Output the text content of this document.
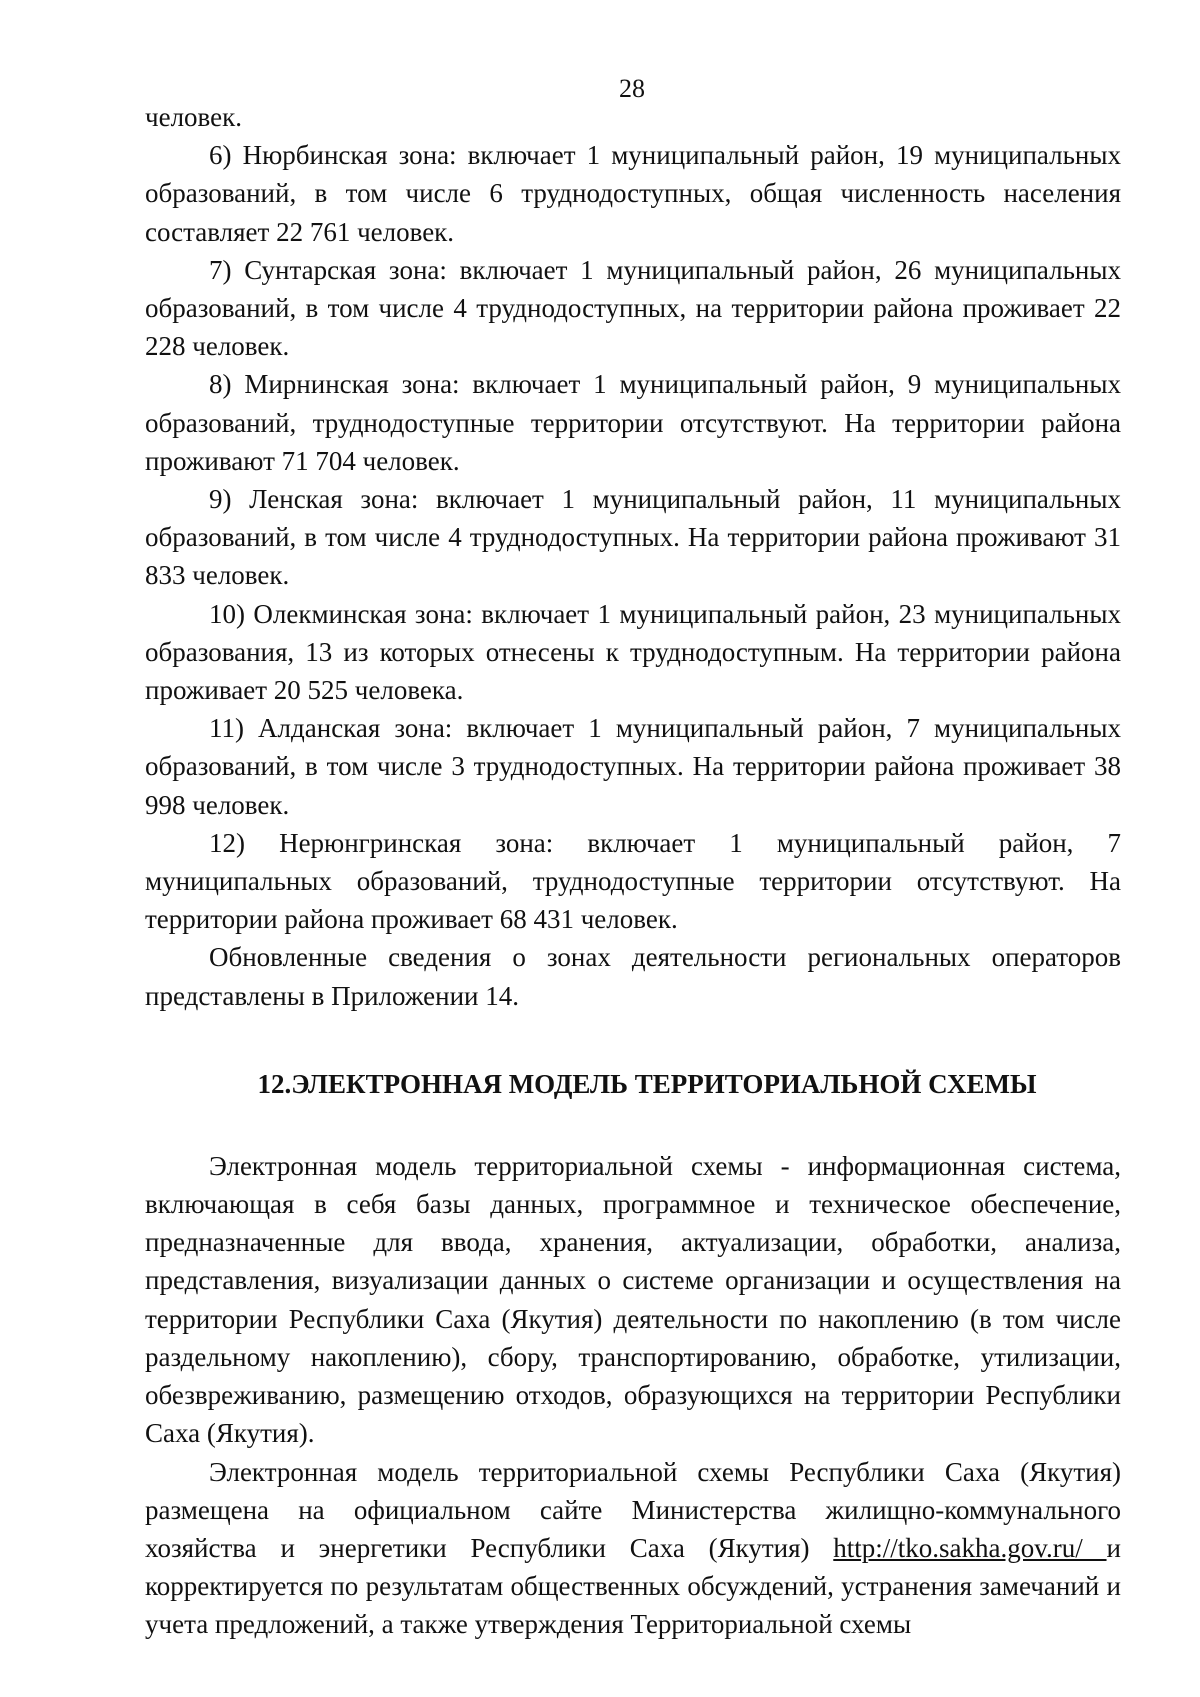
28

человек.

6) Нюрбинская зона: включает 1 муниципальный район, 19 муниципальных образований, в том числе 6 труднодоступных, общая численность населения составляет 22 761 человек.

7) Сунтарская зона: включает 1 муниципальный район, 26 муниципальных образований, в том числе 4 труднодоступных, на территории района проживает 22 228 человек.

8) Мирнинская зона: включает 1 муниципальный район, 9 муниципальных образований, труднодоступные территории отсутствуют. На территории района проживают 71 704 человек.

9) Ленская зона: включает 1 муниципальный район, 11 муниципальных образований, в том числе 4 труднодоступных. На территории района проживают 31 833 человек.

10) Олекминская зона: включает 1 муниципальный район, 23 муниципальных образования, 13 из которых отнесены к труднодоступным. На территории района проживает 20 525 человека.

11) Алданская зона: включает 1 муниципальный район, 7 муниципальных образований, в том числе 3 труднодоступных. На территории района проживает 38 998 человек.

12) Нерюнгринская зона: включает 1 муниципальный район, 7 муниципальных образований, труднодоступные территории отсутствуют. На территории района проживает 68 431 человек.

Обновленные сведения о зонах деятельности региональных операторов представлены в Приложении 14.

12.ЭЛЕКТРОННАЯ МОДЕЛЬ ТЕРРИТОРИАЛЬНОЙ СХЕМЫ

Электронная модель территориальной схемы - информационная система, включающая в себя базы данных, программное и техническое обеспечение, предназначенные для ввода, хранения, актуализации, обработки, анализа, представления, визуализации данных о системе организации и осуществления на территории Республики Саха (Якутия) деятельности по накоплению (в том числе раздельному накоплению), сбору, транспортированию, обработке, утилизации, обезвреживанию, размещению отходов, образующихся на территории Республики Саха (Якутия).

Электронная модель территориальной схемы Республики Саха (Якутия) размещена на официальном сайте Министерства жилищно-коммунального хозяйства и энергетики Республики Саха (Якутия) http://tko.sakha.gov.ru/ и корректируется по результатам общественных обсуждений, устранения замечаний и учета предложений, а также утверждения Территориальной схемы
